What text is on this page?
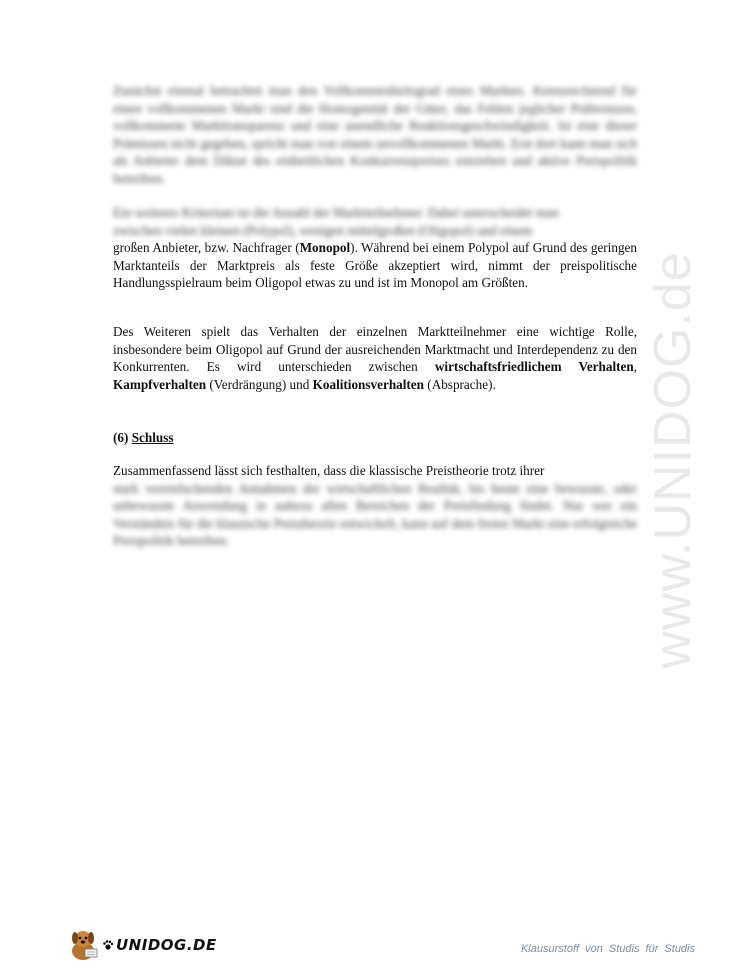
Zunächst einmal betrachtet man den Vollkommenheitsgrad eines Marktes. Kennzeichnend für einen vollkommenen Markt sind die Homogenität der Güter, das Fehlen jeglicher Präferenzen, vollkommene Markttransparenz und eine unendliche Reaktionsgeschwindigkeit. Ist eine dieser Prämissen nicht gegeben, spricht man von einem unvollkommenen Markt. Erst dort kann man sich als Anbieter dem Diktat des einheitlichen Konkurrenzpreises entziehen und aktive Preispolitik betreiben.

Ein weiteres Kriterium ist die Anzahl der Marktteilnehmer. Dabei unterscheidet man
zwischen vielen kleinen (Polypol), wenigen mittelgroßen (Oligopol) und einem
großen Anbieter, bzw. Nachfrager (Monopol). Während bei einem Polypol auf Grund des geringen Marktanteils der Marktpreis als feste Größe akzeptiert wird, nimmt der preispolitische Handlungsspielraum beim Oligopol etwas zu und ist im Monopol am Größten.

Des Weiteren spielt das Verhalten der einzelnen Marktteilnehmer eine wichtige Rolle, insbesondere beim Oligopol auf Grund der ausreichenden Marktmacht und Interdependenz zu den Konkurrenten. Es wird unterschieden zwischen wirtschaftsfriedlichem Verhalten, Kampfverhalten (Verdrängung) und Koalitionsverhalten (Absprache).

(6) Schluss

Zusammenfassend lässt sich festhalten, dass die klassische Preistheorie trotz ihrer
stark vereinfachenden Annahmen der wirtschaftlichen Realität, bis heute eine bewusste, oder unbewusste Anwendung in nahezu allen Bereichen der Preisfindung findet. Nur wer ein Verständnis für die klassische Preistheorie entwickelt, kann auf dem freien Markt eine erfolgreiche Preispolitik betreiben.	www.UNIDOG.de
UNIDOG.DE	Klausurstoff von Studis für Studis
